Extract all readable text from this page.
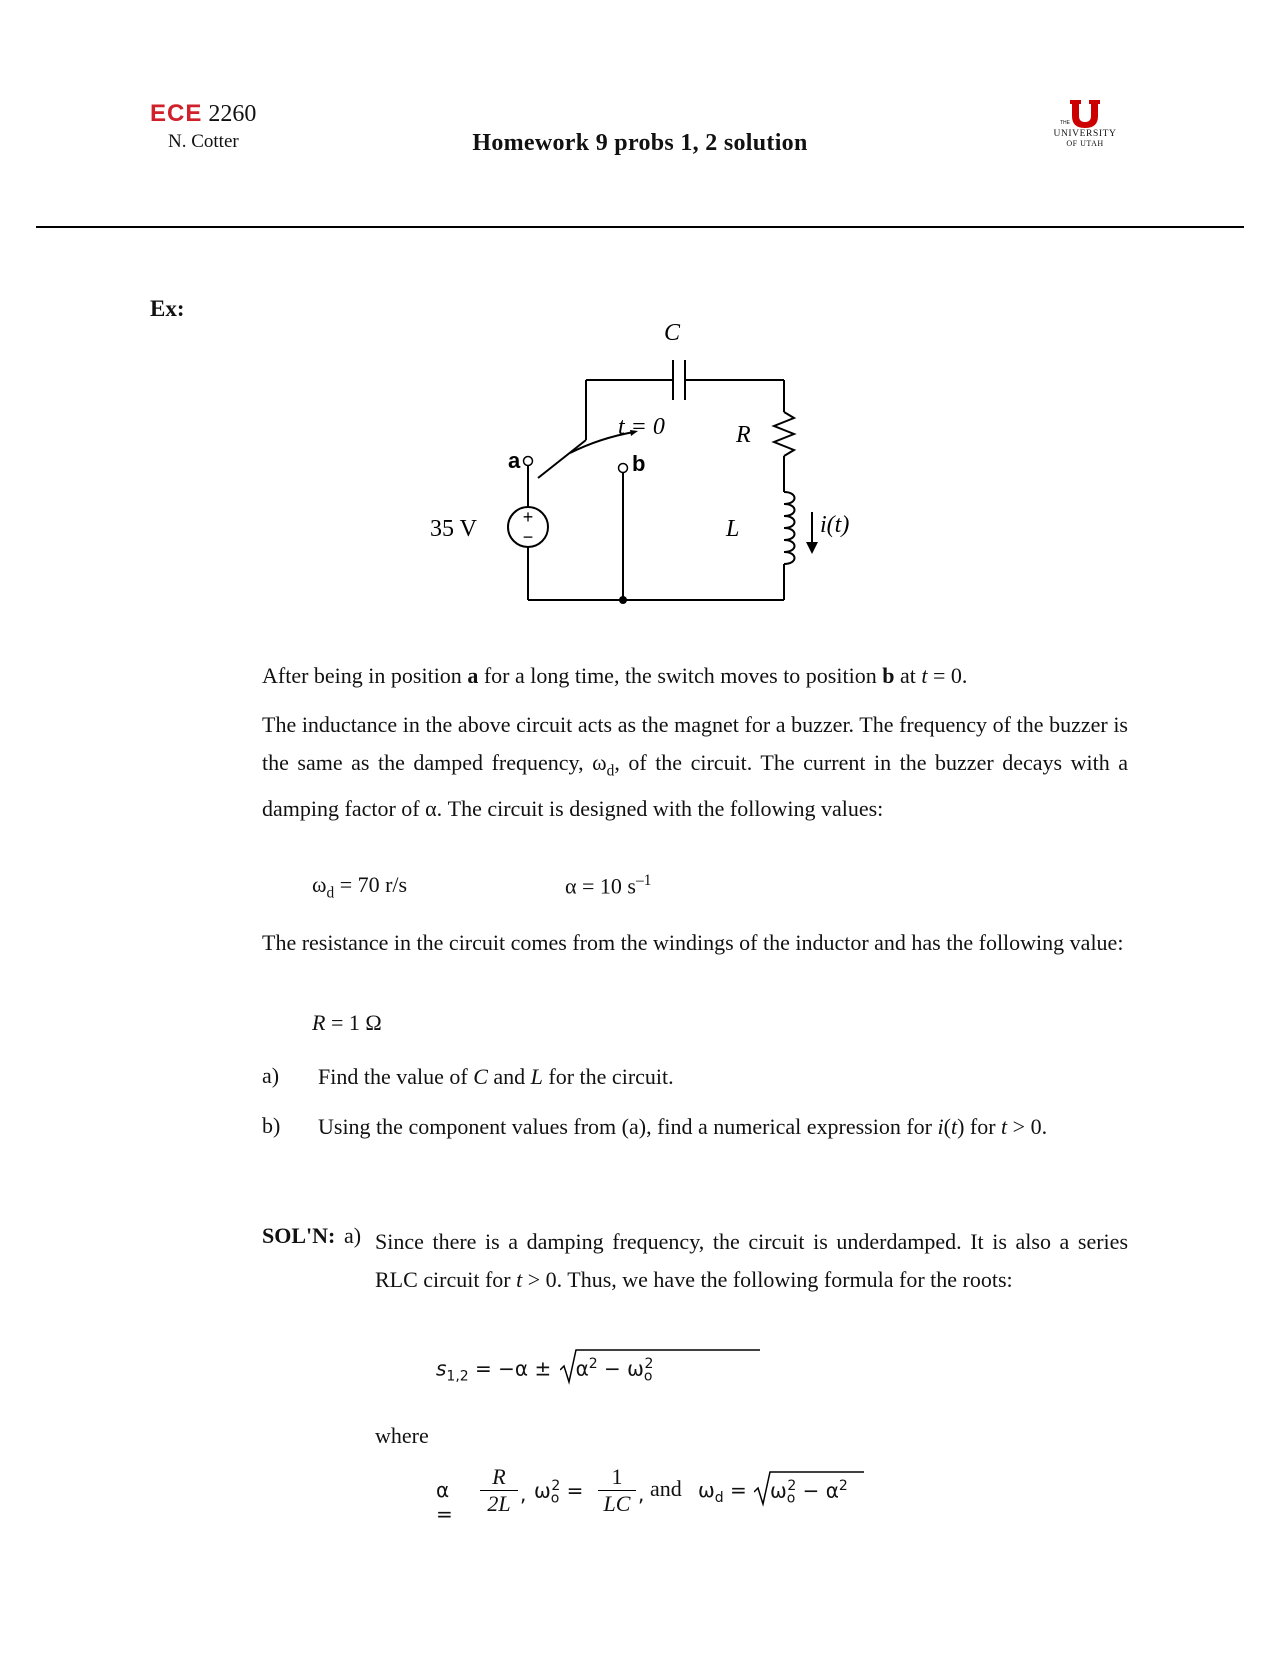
ECE 2260
N. Cotter	Homework 9 probs 1, 2 solution
THE
UNIVERSITY
OF UTAH
Ex:
C
t = 0	R
L
35 V	i(t)
a	b
+
−
After being in position a for a long time, the switch moves to position b at t = 0.
The inductance in the above circuit acts as the magnet for a buzzer. The frequency of the buzzer is the same as the damped frequency, $\omega_d$, of the circuit. The current in the buzzer decays with a damping factor of α. The circuit is designed with the following values:
$\omega_d = 70$ r/s	α = 10 $s^{-1}$
The resistance in the circuit comes from the windings of the inductor and has the following value:
R = 1 Ω
a) Find the value of C and L for the circuit.
b) Using the component values from (a), find a numerical expression for i(t) for t > 0.
SOL'N: a) Since there is a damping frequency, the circuit is underdamped. It is also a series RLC circuit for t > 0. Thus, we have the following formula for the roots:
$s_{1,2} = -\alpha \pm \alpha^2 - \omega_o^2$
where
α =
R
2L , $\omega_o^2$ =
1
LC , and $\omega_d$ =	$\omega_o^2 - \alpha^2$
